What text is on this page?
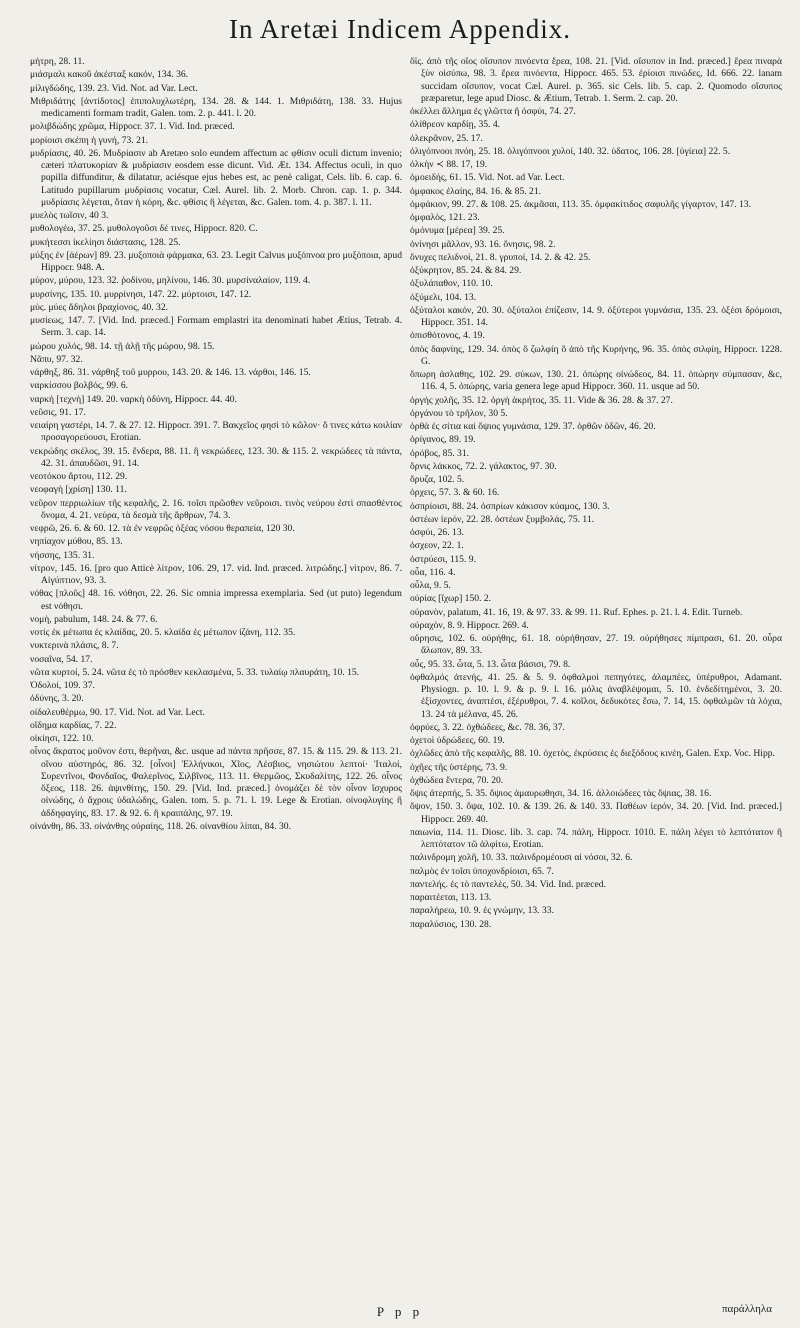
In Aretæi Indicem Appendix.

μήτρη, 28. 11.

μιάσμαλι κακοῦ ἀκέσταξ κακόν, 134. 36.

μίλιγδώδης, 139. 23. Vid. Not. ad Var. Lect.

Μιθριδάτης [ἀντίδοτος] ἐπιπολυχλωτέρη, 134. 28. & 144. 1. Μιθριδάτη, 138. 33. Hujus medicamenti formam tradit, Galen. tom. 2. p. 441. l. 20.

μολιβδώδης χρῶμα, Hippocr. 37. 1. Vid. Ind. præced.

μορίοισι σκέπη ἡ γυνή, 73. 21.

μυδρίασις, 40. 26. Μυδρίασιν ab Aretæo solo eundem affectum ac φθίσιν oculi dictum invenio; cæteri πλατυκορίαν & μυδρίασιν eosdem esse dicunt. Vid. Æt. 134. Affectus oculi, in quo pupilla diffunditur, & dilatatur, aciésque ejus hebes est, ac penè caligat, Cels. lib. 6. cap. 6. Latitudo pupillarum μυδρίασις vocatur, Cæl. Aurel. lib. 2. Morb. Chron. cap. 1. p. 344. μυδρίασις λέγεται, ὅταν ἡ κόρη, &c. φθίσις ἣ λέγεται, &c. Galen. tom. 4. p. 387. l. 11.

μυελὸς τωῖσιν, 40 3.

μυθολογέω, 37. 25. μυθολογοῦσι δέ τινες, Hippocr. 820. C.

μυκήτεσσι ἰκελίησι διάστασις, 128. 25.

μύξης ἐν [ἀέρων] 89. 23. μυξοποιὰ φάρμακα, 63. 23. Legit Calvus μυξόπνοα pro μυξόποια, apud Hippocr. 948. A.

μύρον, μύρου, 123. 32. ῥοδίνου, μηλίνου, 146. 30. μυρσίναλαίον, 119. 4.

μυρσίνης, 135. 10. μυρρίνησι, 147. 22. μύρτοισι, 147. 12.

μὺς. μύες ἄδηλοι βραχίονος, 40. 32.

μυσίεως, 147. 7. [Vid. Ind. præced.] Formam emplastri ita denominati habet Ætius, Tetrab. 4. Serm. 3. cap. 14.

μώρου χυλός, 98. 14. τῇ ἀλῇ τῆς μώρου, 98. 15.

Νᾶπυ, 97. 32.

νάρθηξ, 86. 31. νάρθηξ τοῦ μυρρου, 143. 20. & 146. 13. νάρθοι, 146. 15.

ναρκίσσου βολβός, 99. 6.

ναρκὴ [τεχνὴ] 149. 20. ναρκὴ ὀδύνη, Hippocr. 44. 40.

νεῦσις, 91. 17.

νειαίρη γαστέρι, 14. 7. & 27. 12. Hippocr. 391. 7. Βακχεῖος φησὶ τὸ κῶλον· ὅ τινες κάτω κοιλίαν προσαγορεύουσι, Erotian.

νεκρώδης σκέλος, 39. 15. ἔνδερα, 88. 11. ἢ νεκρώδεες, 123. 30. & 115. 2. νεκρώδεες τὰ πάντα, 42. 31. ἀπαυδῶσι, 91. 14.

νεοτόκου ἄρτου, 112. 29.

νεοφαγὴ [χρίση] 130. 11.

νεῦρον περριωλίων τῆς κεφαλῆς, 2. 16. τοῖσι πρῶσθεν νεῦροισι. τινὸς νεύρου ἐστὶ σπασθέντος ὄνομα, 4. 21. νεύρα, τὰ δεσμὰ τῆς ἄρθρων, 74. 3.

νεφρῶ, 26. 6. & 60. 12. τὰ ἐν νεφρῶς ὀξέας νόσου θεραπεία, 120 30.

νηπίαχον μύθου, 85. 13.

νήσσης, 135. 31.

νίτρον, 145. 16. [pro quo Atticè λίτρον, 106. 29, 17. vid. Ind. præced. λιτρώδης.] νίτρον, 86. 7. Αἰγύπτιον, 93. 3.

νόθας [πλοῦς] 48. 16. νόθησι, 22. 26. Sic omnia impressa exemplaria. Sed (ut puto) legendum est νόθησι.

νομὴ, pabulum, 148. 24. & 77. 6.

νοτίς ἐκ μέτωπα ἐς κλαίδας, 20. 5. κλαίδα ἐς μέτωπον ἰζάνη, 112. 35.

νυκτερινὰ πλάσις, 8. 7.

νοσαῖνα, 54. 17.

νῶτα κυρτοί, 5. 24. νῶτα ἐς τὸ πρόσθεν κεκλασμένα, 5. 33. τυλαίῳ πλαυράτη, 10. 15.

Ὀδολοί, 109. 37.

ὀδύνης, 3. 20.

οἰδαλευθέρμω, 90. 17. Vid. Not. ad Var. Lect.

οἴδημα καρδίας, 7. 22.

οἰκίησι, 122. 10.

οἶνος ἄκρατος μοῦνον ἐστι, θερῆναι, &c. usque ad πάντα πρῆσσε, 87. 15. & 115. 29. & 113. 21. οἴνου αὐστηρός, 86. 32. [οἶνοι] Ἑλλήνικοι, Χῖος, Λέσβιος, νησιώτου λεπτοί· Ἰταλοί, Συρεντῖνοι, Φονδαῖος, Φαλερῖνος, Σιλβῖνος, 113. 11. Θερμῶος, Σκυδαλίτης, 122. 26. οἶνος ὄξεος, 118. 26. ἀψινθίτης, 150. 29. [Vid. Ind. præced.] ὀνομάζει δὲ τὸν οἶνον ἴσχυρος οἰνώδης, ὁ ἄχροις ὑδαλώδης, Galen. tom. 5. p. 71. l. 19. Lege & Erotian. οἰνοφλυγίης ἢ ἀδδηφαγίης, 83. 17. & 92. 6. ἢ κραιπάλης, 97. 19.

οἰνάνθη, 86. 33. οἰνάνθης οὐραίης, 118. 26. οἰνανθίου λίπαι, 84. 30.

ὄϊς. ἀπὸ τῆς οἴος οἴσυπον πινόεντα ἔρεα, 108. 21. [Vid. οἴσυπον in Ind. præced.] ἔρεα πιναρὰ ξὺν οἰσύπω, 98. 3. ἔρεα πινόεντα, Hippocr. 465. 53. ἐρίοισι πινώδες, Id. 666. 22. lanam succidam οἴσυπον, vocat Cæl. Aurel. p. 365. sic Cels. lib. 5. cap. 2. Quomodo οἴσυπος præparetur, lege apud Diosc. & Ætium, Tetrab. 1. Serm. 2. cap. 20.

ὀκέλλει ἄλλημα ἐς γλῶττα ἢ ὀσφύι, 74. 27.

ὀλίθρεον καρδίῃ, 35. 4.

ὀλεκρᾶνον, 25. 17.

ὀλιγόπνοοι πνόη, 25. 18. ὀλιγόπνοοι χυλοί, 140. 32. ὑδατος, 106. 28. [ὑγίεια] 22. 5.

ὀλκὴν ≺ 88. 17, 19.

ὁμοειδής, 61. 15. Vid. Not. ad Var. Lect.

ὀμφακος ἐλαίης, 84. 16. & 85. 21.

ὀμφάκιον, 99. 27. & 108. 25. ἀκμᾶσαι, 113. 35. ὀμφακίτιδος σαφυλῆς γίγαρτον, 147. 13.

ὀμφαλὸς, 121. 23.

ὁμόνυμα [μέρεα] 39. 25.

ὀνίνησι μᾶλλον, 93. 16. ὄνησις, 98. 2.

ὄνυχες πελιδνοί, 21. 8. γρυποί, 14. 2. & 42. 25.

ὀξύκρητον, 85. 24. & 84. 29.

ὀξυλάπαθον, 110. 10.

ὀξύμελι, 104. 13.

ὀξύταλοι κακόν, 20. 30. ὀξύταλοι ἐπίζεσιν, 14. 9. ὀξύτεροι γυμνάσια, 135. 23. ὀξέσι δρόμοισι, Hippocr. 351. 14.

ὀπισθότονος, 4. 19.

ὀπὸς δαφνίης, 129. 34. ὀπὸς ὃ ζωλφίη ὃ ἀπὸ τῆς Κυρήνης, 96. 35. ὀπὸς σιλφίη, Hippocr. 1228. G.

ὄπωρη ἀσλαθης, 102. 29. σύκων, 130. 21. ὀπώρης οἰνώδεος, 84. 11. ὀπώρην σύμπασαν, &c, 116. 4, 5. ὀπώρης, varia genera lege apud Hippocr. 360. 11. usque ad 50.

ὀργὴς χολῆς, 35. 12. ὀργὴ ἀκρήτος, 35. 11. Vide & 36. 28. & 37. 27.

ὀργάνου τὸ τρῆλον, 30 5.

ὀρθὰ ἐς σίτια καὶ ὄψιος γυμνάσια, 129. 37. ὀρθῶν ὁδῶν, 46. 20.

ὀρίγανος, 89. 19.

ὀρόβος, 85. 31.

ὄρνις λάκκος, 72. 2. γάλακτος, 97. 30.

ὄρυζα, 102. 5.

ὀρχεις, 57. 3. & 60. 16.

ὀσπρίοισι, 88. 24. ὀσπρίων κάκισον κύαμος, 130. 3.

ὀστέων ἱερόν, 22. 28. ὀστέων ξυμβολάς, 75. 11.

ὀσφύι, 26. 13.

ὀσχεον, 22. 1.

ὀστρύεσι, 115. 9.

οὖα, 116. 4.

οὖλα, 9. 5.

οὐρίας [ἴχωρ] 150. 2.

οὐρανὸν, palatum, 41. 16, 19. & 97. 33. & 99. 11. Ruf. Ephes. p. 21. l. 4. Edit. Turneb.

οὐραχὸν, 8. 9. Hippocr. 269. 4.

οὔρησις, 102. 6. οὐρήθης, 61. 18. οὐρήθησαν, 27. 19. οὐρήθησες πίμπρασι, 61. 20. οὖρα ἄλωπον, 89. 33.

οὖς, 95. 33. ὦτα, 5. 13. ὦτα βάσισι, 79. 8.

ὀφθαλμός ἀτενής, 41. 25. & 5. 9. ὀφθαλμοὶ πεπηγότες, ἀλαμπέες, ὑπέρυθροι, Adamant. Physiogn. p. 10. l. 9. & p. 9. l. 16. μόλις ἀναβλέψομαι, 5. 10. ἐνδεδίτημένοι, 3. 20. ἐξίσχοντες, ἀναπτέσι, ἐξέρυθροι, 7. 4. κοῖλοι, δεδυκότες ἔσω, 7. 14, 15. ὀφθαλμῶν τὰ λόχια, 13. 24 τὰ μέλανα, 45. 26.

ὀφρύες, 3. 22. ὀχθώδεες, &c. 78. 36, 37.

ὀχετοὶ ὑδρώδεες, 60. 19.

ὀχλῶδες ἀπὸ τῆς κεφαλῆς, 88. 10. ὀχετὸς, ἐκρύσεις ἐς διεξόδους κινέη, Galen. Exp. Voc. Hipp.

ὀχῆες τῆς ὑστέρης, 73. 9.

ὀχθώδεα ἔντερα, 70. 20.

ὄψις ἀτερπής, 5. 35. ὄψιος ἀμαυρωθησι, 34. 16. ἀλλοιώδεες τὰς ὄψιας, 38. 16.

ὄψον, 150. 3. ὄψα, 102. 10. & 139. 26. & 140. 33. Παθέων ἱερόν, 34. 20. [Vid. Ind. præced.] Hippocr. 269. 40.

παιωνία, 114. 11. Diosc. lib. 3. cap. 74. πάλη, Hippocr. 1010. E. πάλη λέγει τὸ λεπτότατον ἢ λεπτότατον τῶ ἀλφίτω, Erotian.

παλινδρομη χολῆ, 10. 33. παλινδρομέουσι αἱ νόσοι, 32. 6.

παλμὸς ἐν τοῖσι ὑποχονδρίοισι, 65. 7.

παντελής. ἐς τὸ παντελὲς, 50. 34. Vid. Ind. præced.

παραιτέεται, 113. 13.

παραλήρεω, 10. 9. ἐς γνώμην, 13. 33.

παραλύσιος, 130. 28.

P p p	παράλληλα
